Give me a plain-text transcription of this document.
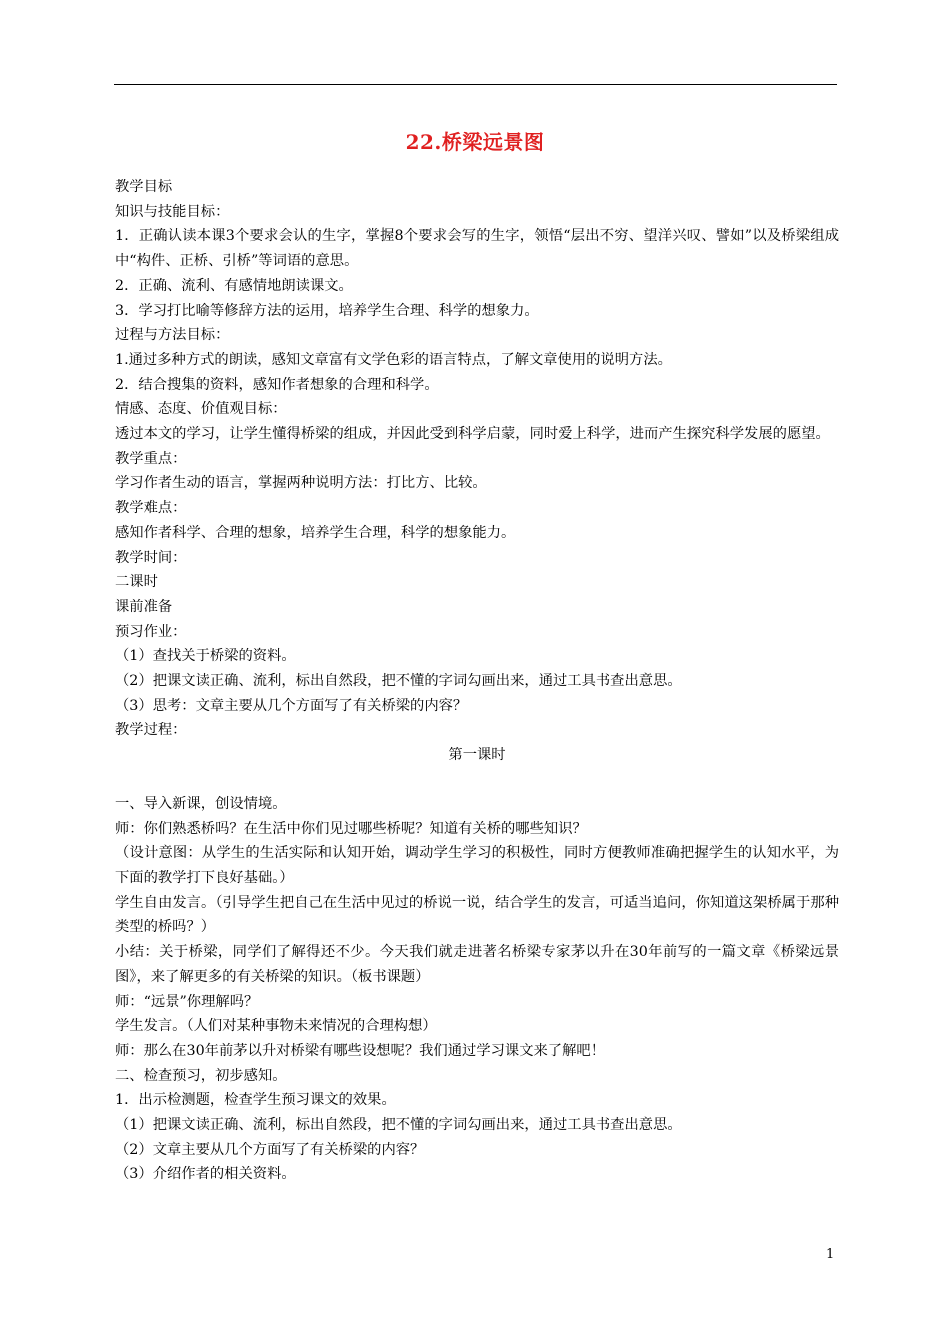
22.桥梁远景图

教学目标

知识与技能目标：

1．正确认读本课3个要求会认的生字，掌握8个要求会写的生字，领悟“层出不穷、望洋兴叹、譬如”以及桥梁组成中“构件、正桥、引桥”等词语的意思。

2．正确、流利、有感情地朗读课文。

3．学习打比喻等修辞方法的运用，培养学生合理、科学的想象力。

过程与方法目标：

1.通过多种方式的朗读，感知文章富有文学色彩的语言特点，了解文章使用的说明方法。

2．结合搜集的资料，感知作者想象的合理和科学。

情感、态度、价值观目标：

透过本文的学习，让学生懂得桥梁的组成，并因此受到科学启蒙，同时爱上科学，进而产生探究科学发展的愿望。

教学重点：

学习作者生动的语言，掌握两种说明方法：打比方、比较。

教学难点：

感知作者科学、合理的想象，培养学生合理，科学的想象能力。

教学时间：

二课时

课前准备

预习作业：

（1）查找关于桥梁的资料。

（2）把课文读正确、流利，标出自然段，把不懂的字词勾画出来，通过工具书查出意思。

（3）思考：文章主要从几个方面写了有关桥梁的内容？

教学过程：

第一课时

一、导入新课，创设情境。

师：你们熟悉桥吗？在生活中你们见过哪些桥呢？知道有关桥的哪些知识？

（设计意图：从学生的生活实际和认知开始，调动学生学习的积极性，同时方便教师准确把握学生的认知水平，为下面的教学打下良好基础。）

学生自由发言。（引导学生把自己在生活中见过的桥说一说，结合学生的发言，可适当追问，你知道这架桥属于那种类型的桥吗？）

小结：关于桥梁，同学们了解得还不少。今天我们就走进著名桥梁专家茅以升在30年前写的一篇文章《桥梁远景图》，来了解更多的有关桥梁的知识。（板书课题）

师：“远景”你理解吗？

学生发言。（人们对某种事物未来情况的合理构想）

师：那么在30年前茅以升对桥梁有哪些设想呢？我们通过学习课文来了解吧！

二、检查预习，初步感知。

1．出示检测题，检查学生预习课文的效果。

（1）把课文读正确、流利，标出自然段，把不懂的字词勾画出来，通过工具书查出意思。

（2）文章主要从几个方面写了有关桥梁的内容？

（3）介绍作者的相关资料。

1
